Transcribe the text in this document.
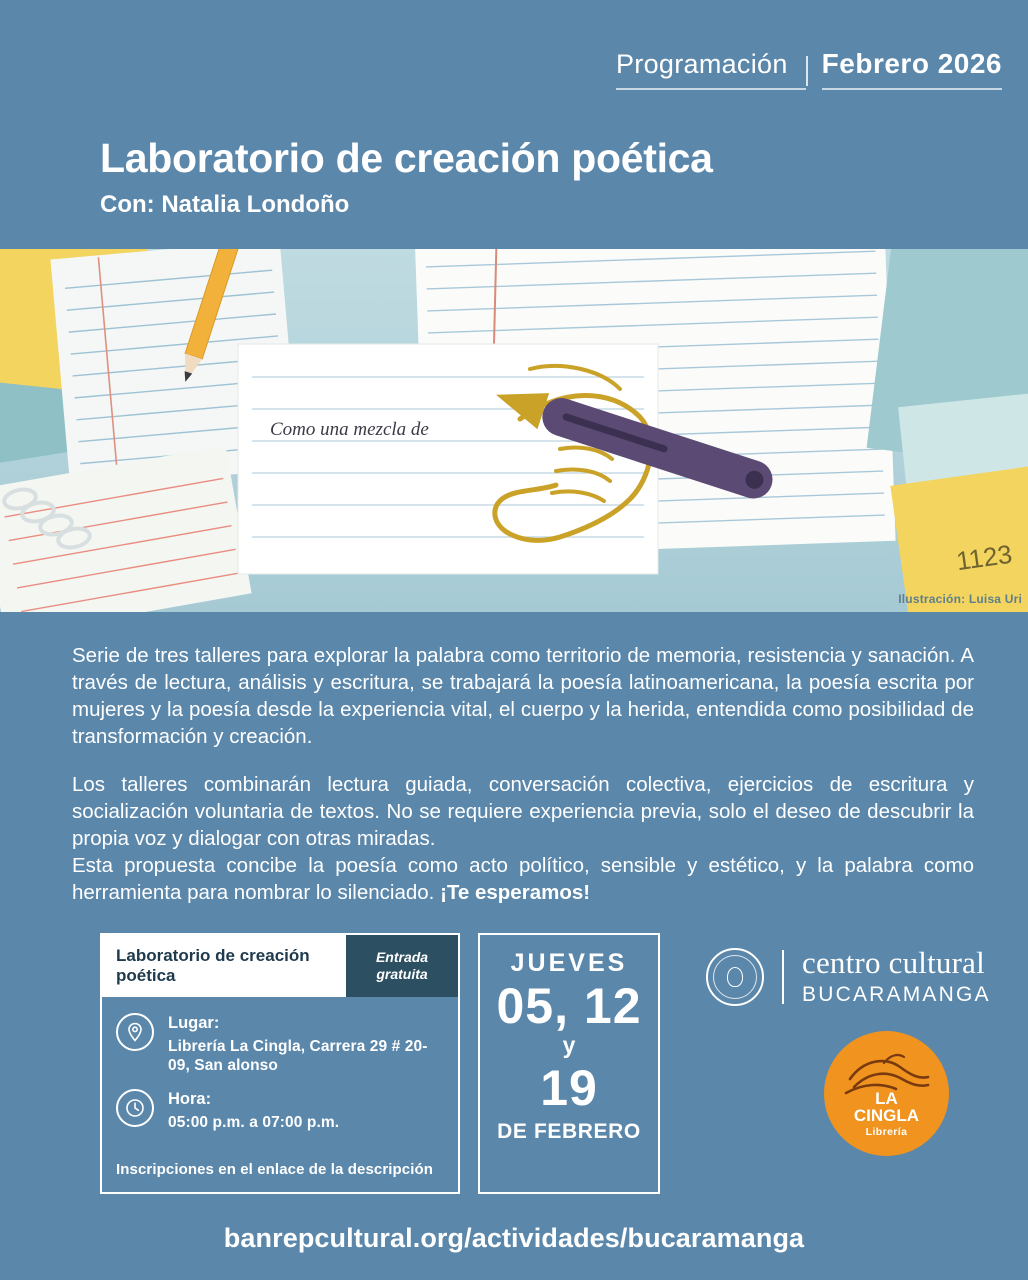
Programación	Febrero 2026
Laboratorio de creación poética
Con: Natalia Londoño
1123
Como una mezcla de
Ilustración: Luisa Uri

Serie de tres talleres para explorar la palabra como territorio de memoria, resistencia y sanación. A través de lectura, análisis y escritura, se trabajará la poesía latinoamericana, la poesía escrita por mujeres y la poesía desde la experiencia vital, el cuerpo y la herida, entendida como posibilidad de transformación y creación.

Los talleres combinarán lectura guiada, conversación colectiva, ejercicios de escritura y socialización voluntaria de textos. No se requiere experiencia previa, solo el deseo de descubrir la propia voz y dialogar con otras miradas.

Esta propuesta concibe la poesía como acto político, sensible y estético, y la palabra como herramienta para nombrar lo silenciado. ¡Te esperamos!

Laboratorio de creación poética
Entrada
gratuita
Lugar:
Librería La Cingla, Carrera 29 # 20-09, San alonso
Hora:
05:00 p.m. a 07:00 p.m.
Inscripciones en el enlace de la descripción
JUEVES
05, 12
y
19
DE FEBRERO
centro cultural
BUCARAMANGA
LA
CINGLA
Librería
banrepcultural.org/actividades/bucaramanga
